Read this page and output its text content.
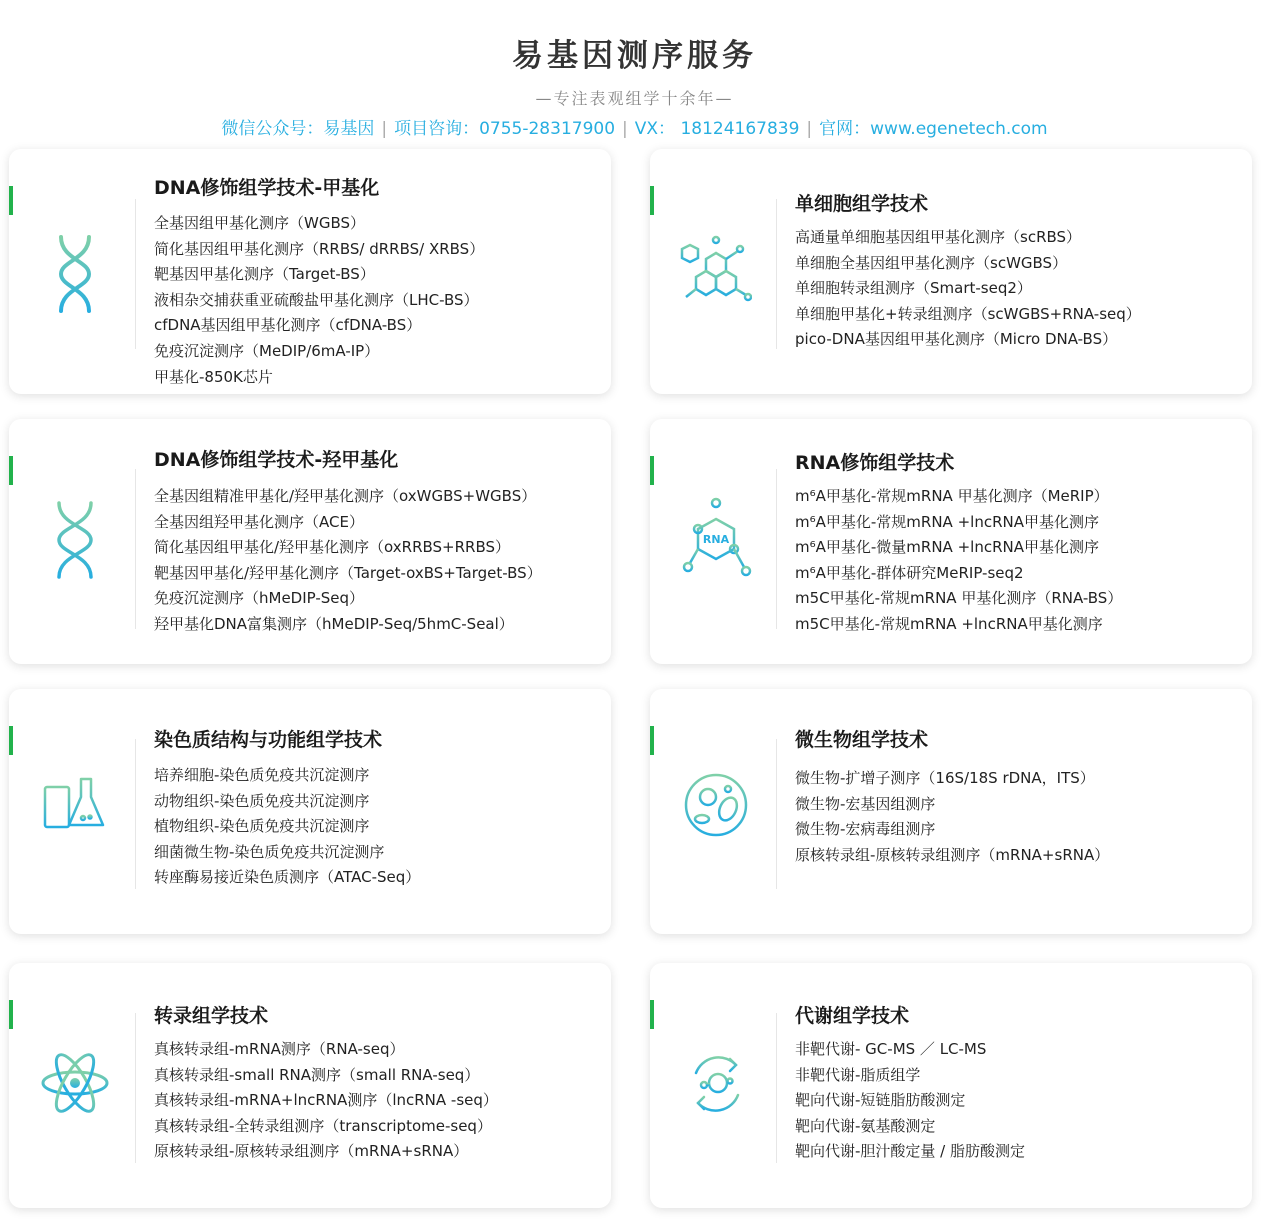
易基因测序服务
—专注表观组学十余年—
微信公众号：易基因 | 项目咨询：0755-28317900 | VX： 18124167839 | 官网：www.egenetech.com
DNA修饰组学技术-甲基化
全基因组甲基化测序（WGBS）
简化基因组甲基化测序（RRBS/ dRRBS/ XRBS）
靶基因甲基化测序（Target-BS）
液相杂交捕获重亚硫酸盐甲基化测序（LHC-BS）
cfDNA基因组甲基化测序（cfDNA-BS）
免疫沉淀测序（MeDIP/6mA-IP）
甲基化-850K芯片
单细胞组学技术
高通量单细胞基因组甲基化测序（scRBS）
单细胞全基因组甲基化测序（scWGBS）
单细胞转录组测序（Smart-seq2）
单细胞甲基化+转录组测序（scWGBS+RNA-seq）
pico-DNA基因组甲基化测序（Micro DNA-BS）
DNA修饰组学技术-羟甲基化
全基因组精准甲基化/羟甲基化测序（oxWGBS+WGBS）
全基因组羟甲基化测序（ACE）
简化基因组甲基化/羟甲基化测序（oxRRBS+RRBS）
靶基因甲基化/羟甲基化测序（Target-oxBS+Target-BS）
免疫沉淀测序（hMeDIP-Seq）
羟甲基化DNA富集测序（hMeDIP-Seq/5hmC-Seal）
RNA
RNA修饰组学技术
m⁶A甲基化-常规mRNA 甲基化测序（MeRIP）
m⁶A甲基化-常规mRNA +lncRNA甲基化测序
m⁶A甲基化-微量mRNA +lncRNA甲基化测序
m⁶A甲基化-群体研究MeRIP-seq2
m5C甲基化-常规mRNA 甲基化测序（RNA-BS）
m5C甲基化-常规mRNA +lncRNA甲基化测序
染色质结构与功能组学技术
培养细胞-染色质免疫共沉淀测序
动物组织-染色质免疫共沉淀测序
植物组织-染色质免疫共沉淀测序
细菌微生物-染色质免疫共沉淀测序
转座酶易接近染色质测序（ATAC-Seq）
微生物组学技术
微生物-扩增子测序（16S/18S rDNA，ITS）
微生物-宏基因组测序
微生物-宏病毒组测序
原核转录组-原核转录组测序（mRNA+sRNA）
转录组学技术
真核转录组-mRNA测序（RNA-seq）
真核转录组-small RNA测序（small RNA-seq）
真核转录组-mRNA+lncRNA测序（lncRNA -seq）
真核转录组-全转录组测序（transcriptome-seq）
原核转录组-原核转录组测序（mRNA+sRNA）
代谢组学技术
非靶代谢- GC-MS ／ LC-MS
非靶代谢-脂质组学
靶向代谢-短链脂肪酸测定
靶向代谢-氨基酸测定
靶向代谢-胆汁酸定量 / 脂肪酸测定
